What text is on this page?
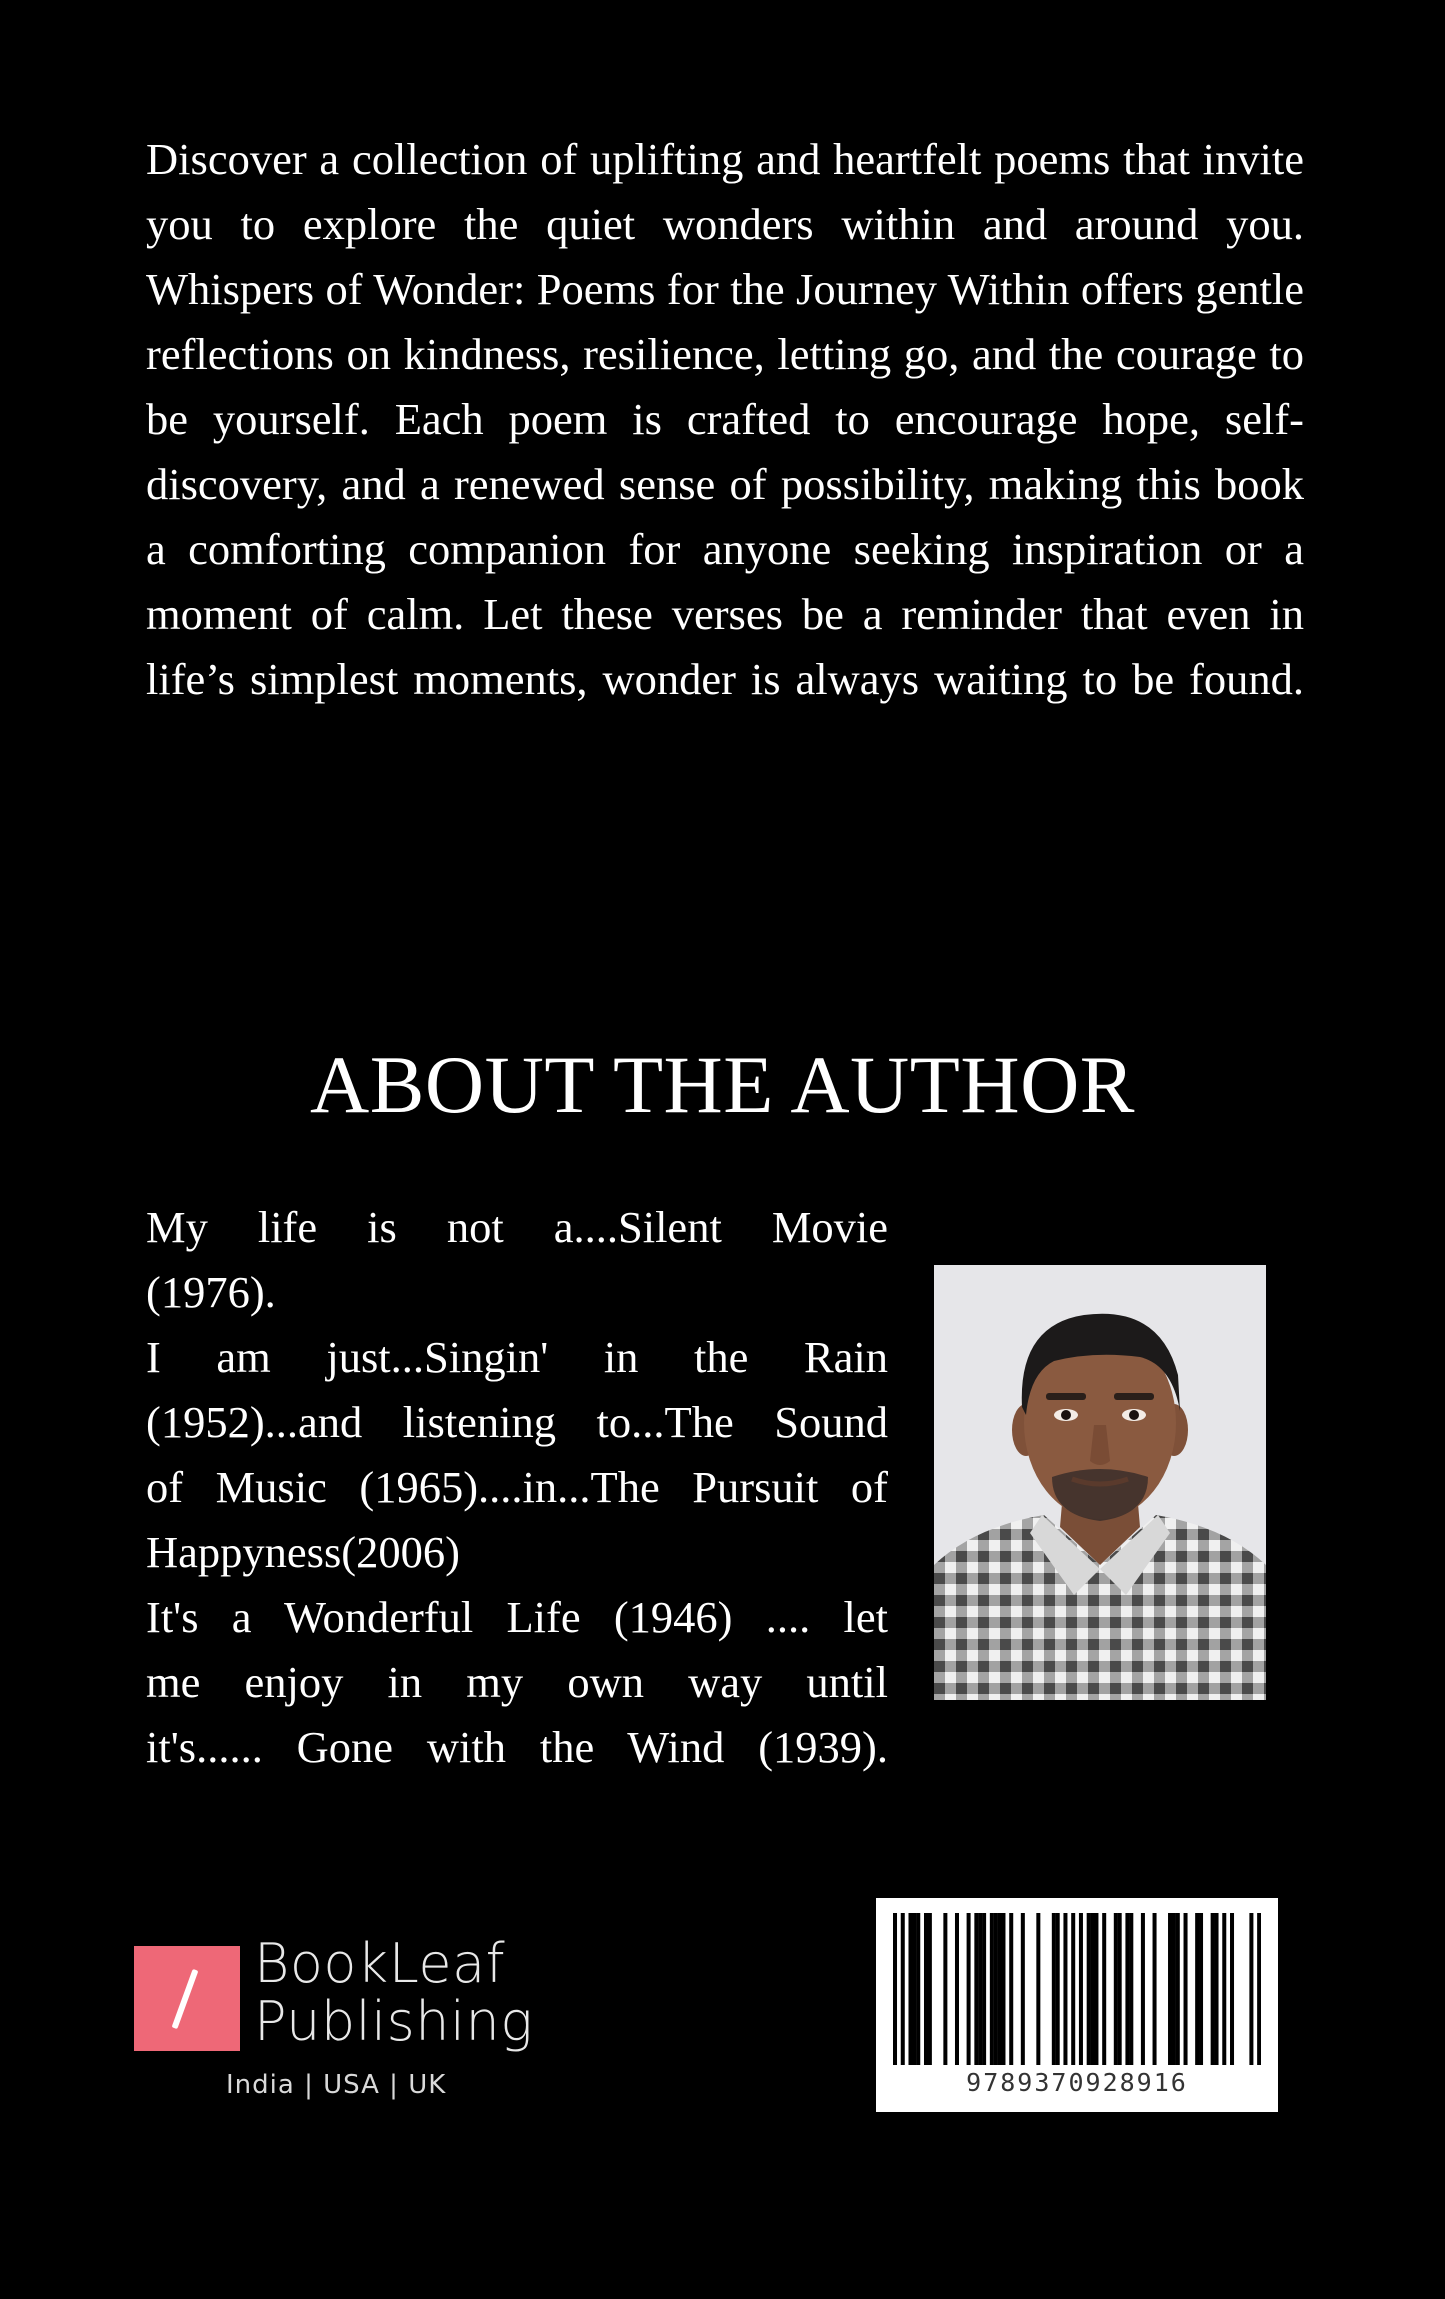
Discover a collection of uplifting and heartfelt poems that invite you to explore the quiet wonders within and around you. Whispers of Wonder: Poems for the Journey Within offers gentle reflections on kindness, resilience, letting go, and the courage to be yourself. Each poem is crafted to encourage hope, self-discovery, and a renewed sense of possibility, making this book a comforting companion for anyone seeking inspiration or a moment of calm. Let these verses be a reminder that even in life’s simplest moments, wonder is always waiting to be found.

ABOUT THE AUTHOR

My life is not a....Silent Movie
(1976).
I am just...Singin' in the Rain
(1952)...and listening to...The Sound
of Music (1965)....in...The Pursuit of
Happyness(2006)
It's a Wonderful Life (1946) .... let
me enjoy in my own way until
it's...... Gone with the Wind (1939).

BookLeaf
Publishing
India | USA | UK	9789370928916
